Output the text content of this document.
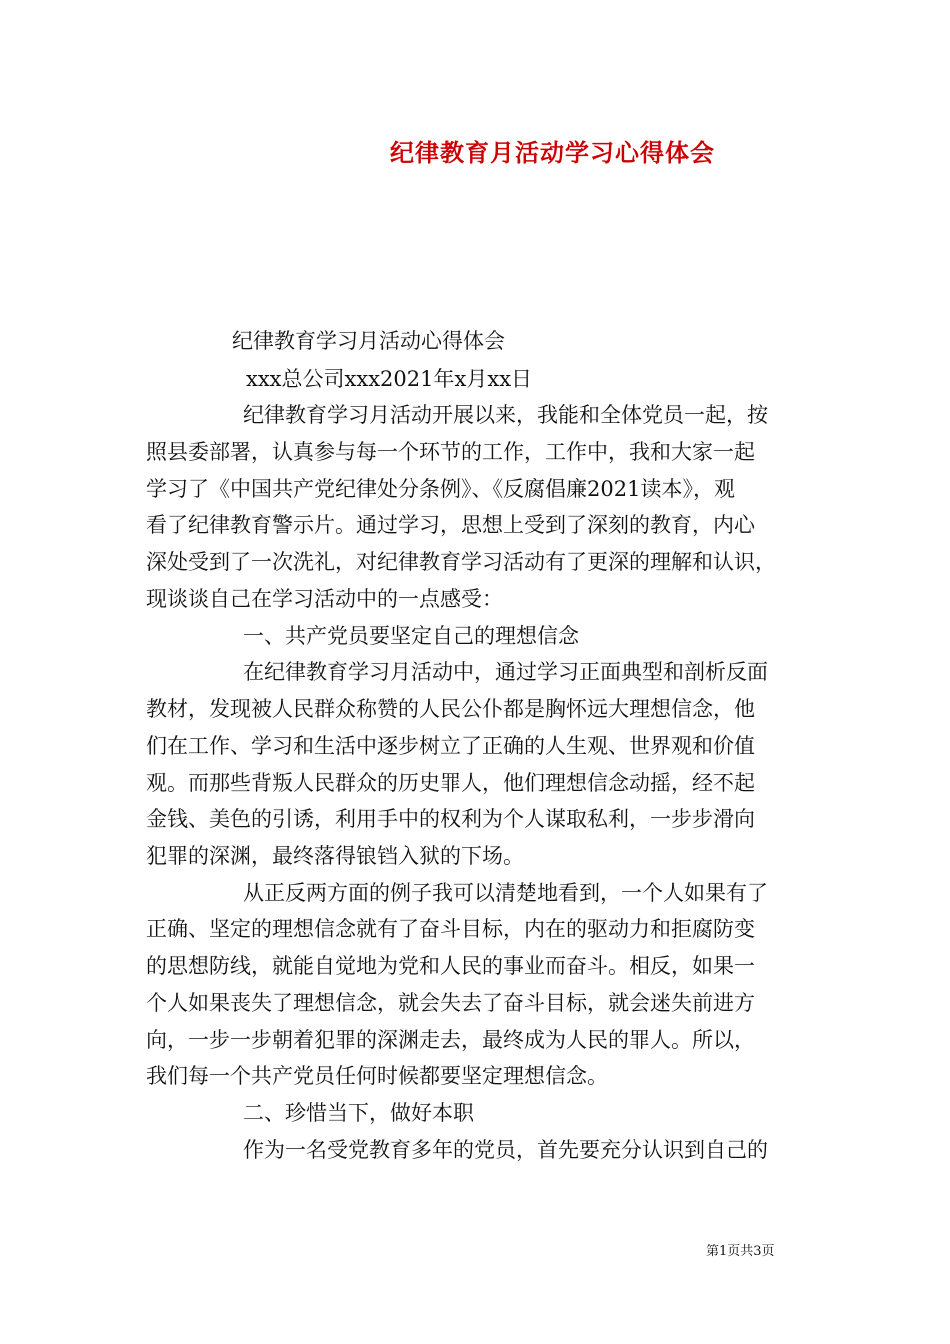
纪律教育月活动学习心得体会
纪律教育学习月活动心得体会
xxx总公司xxx2021年x月xx日
纪律教育学习月活动开展以来，我能和全体党员一起，按
照县委部署，认真参与每一个环节的工作，工作中，我和大家一起
学习了《中国共产党纪律处分条例》、《反腐倡廉2021读本》，观
看了纪律教育警示片。通过学习，思想上受到了深刻的教育，内心
深处受到了一次洗礼，对纪律教育学习活动有了更深的理解和认识，
现谈谈自己在学习活动中的一点感受：
一、共产党员要坚定自己的理想信念
在纪律教育学习月活动中，通过学习正面典型和剖析反面
教材，发现被人民群众称赞的人民公仆都是胸怀远大理想信念，他
们在工作、学习和生活中逐步树立了正确的人生观、世界观和价值
观。而那些背叛人民群众的历史罪人，他们理想信念动摇，经不起
金钱、美色的引诱，利用手中的权利为个人谋取私利，一步步滑向
犯罪的深渊，最终落得锒铛入狱的下场。
从正反两方面的例子我可以清楚地看到，一个人如果有了
正确、坚定的理想信念就有了奋斗目标，内在的驱动力和拒腐防变
的思想防线，就能自觉地为党和人民的事业而奋斗。相反，如果一
个人如果丧失了理想信念，就会失去了奋斗目标，就会迷失前进方
向，一步一步朝着犯罪的深渊走去，最终成为人民的罪人。所以，
我们每一个共产党员任何时候都要坚定理想信念。
二、珍惜当下，做好本职
作为一名受党教育多年的党员，首先要充分认识到自己的
第1页共3页
